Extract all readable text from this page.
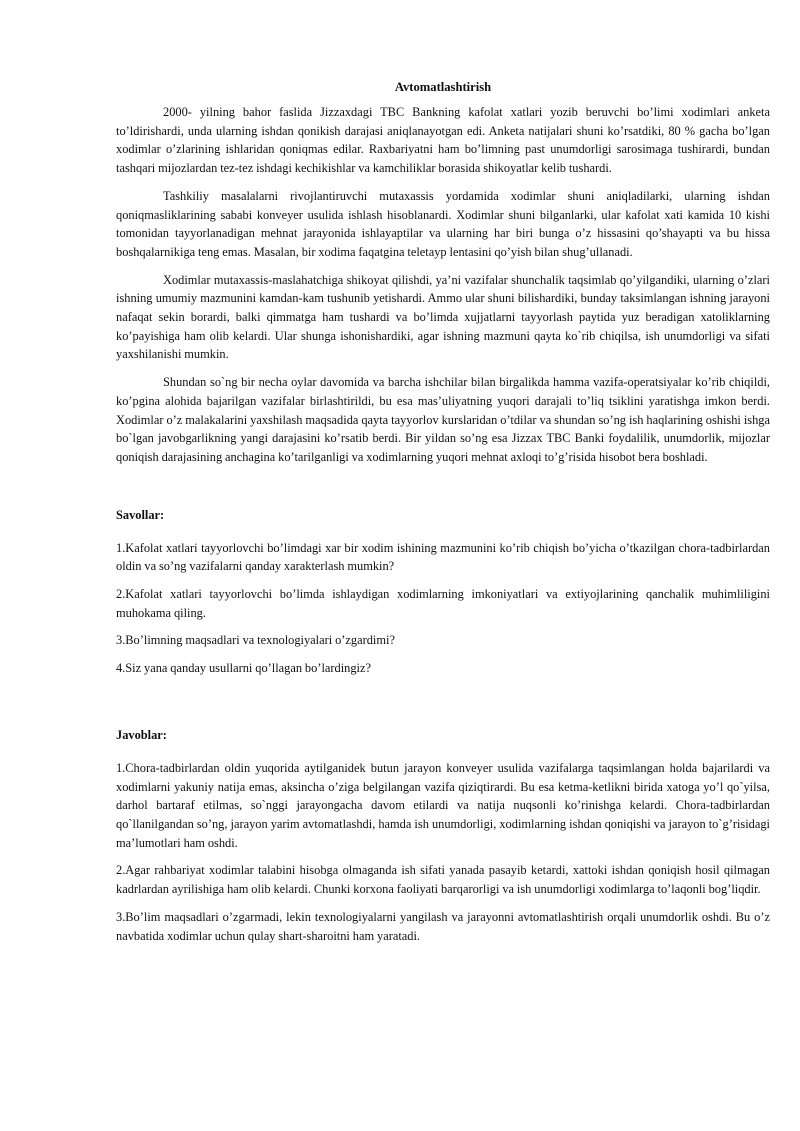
Avtomatlashtirish

2000- yilning bahor faslida Jizzaxdagi TBC Bankning kafolat xatlari yozib beruvchi bo’limi xodimlari anketa to’ldirishardi, unda ularning ishdan qonikish darajasi aniqlanayotgan edi. Anketa natijalari shuni ko’rsatdiki, 80 % gacha bo’lgan xodimlar o’zlarining ishlaridan qoniqmas edilar. Raxbariyatni ham bo’limning past unumdorligi sarosimaga tushirardi, bundan tashqari mijozlardan tez-tez ishdagi kechikishlar va kamchiliklar borasida shikoyatlar kelib tushardi.

Tashkiliy masalalarni rivojlantiruvchi mutaxassis yordamida xodimlar shuni aniqladilarki, ularning ishdan qoniqmasliklarining sababi konveyer usulida ishlash hisoblanardi. Xodimlar shuni bilganlarki, ular kafolat xati kamida 10 kishi tomonidan tayyorlanadigan mehnat jarayonida ishlayaptilar va ularning har biri bunga o’z hissasini qo’shayapti va bu hissa boshqalarnikiga teng emas. Masalan, bir xodima faqatgina teletayp lentasini qo’yish bilan shug’ullanadi.

Xodimlar mutaxassis-maslahatchiga shikoyat qilishdi, ya’ni vazifalar shunchalik taqsimlab qo’yilgandiki, ularning o’zlari ishning umumiy mazmunini kamdan-kam tushunib yetishardi. Ammo ular shuni bilishardiki, bunday taksimlangan ishning jarayoni nafaqat sekin borardi, balki qimmatga ham tushardi va bo’limda xujjatlarni tayyorlash paytida yuz beradigan xatoliklarning ko’payishiga ham olib kelardi. Ular shunga ishonishardiki, agar ishning mazmuni qayta ko`rib chiqilsa, ish unumdorligi va sifati yaxshilanishi mumkin.

Shundan so`ng bir necha oylar davomida va barcha ishchilar bilan birgalikda hamma vazifa-operatsiyalar ko’rib chiqildi, ko’pgina alohida bajarilgan vazifalar birlashtirildi, bu esa mas’uliyatning yuqori darajali to’liq tsiklini yaratishga imkon berdi. Xodimlar o’z malakalarini yaxshilash maqsadida qayta tayyorlov kurslaridan o’tdilar va shundan so’ng ish haqlarining oshishi ishga bo`lgan javobgarlikning yangi darajasini ko’rsatib berdi. Bir yildan so’ng esa Jizzax TBC Banki foydalilik, unumdorlik, mijozlar qoniqish darajasining anchagina ko’tarilganligi va xodimlarning yuqori mehnat axloqi to’g’risida hisobot bera boshladi.

Savollar:

1.Kafolat xatlari tayyorlovchi bo’limdagi xar bir xodim ishining mazmunini ko’rib chiqish bo’yicha o’tkazilgan chora-tadbirlardan oldin va so’ng vazifalarni qanday xarakterlash mumkin?

2.Kafolat xatlari tayyorlovchi bo’limda ishlaydigan xodimlarning imkoniyatlari va extiyojlarining qanchalik muhimliligini muhokama qiling.

3.Bo’limning maqsadlari va texnologiyalari o’zgardimi?

4.Siz yana qanday usullarni qo’llagan bo’lardingiz?

Javoblar:

1.Chora-tadbirlardan oldin yuqorida aytilganidek butun jarayon konveyer usulida vazifalarga taqsimlangan holda bajarilardi va xodimlarni yakuniy natija emas, aksincha o’ziga belgilangan vazifa qiziqtirardi. Bu esa ketma-ketlikni birida xatoga yo’l qo`yilsa, darhol bartaraf etilmas, so`nggi jarayongacha davom etilardi va natija nuqsonli ko’rinishga kelardi. Chora-tadbirlardan qo`llanilgandan so’ng, jarayon yarim avtomatlashdi, hamda ish unumdorligi, xodimlarning ishdan qoniqishi va jarayon to`g’risidagi ma’lumotlari ham oshdi.

2.Agar rahbariyat xodimlar talabini hisobga olmaganda ish sifati yanada pasayib ketardi, xattoki ishdan qoniqish hosil qilmagan kadrlardan ayrilishiga ham olib kelardi. Chunki korxona faoliyati barqarorligi va ish unumdorligi xodimlarga to’laqonli bog’liqdir.

3.Bo’lim maqsadlari o’zgarmadi, lekin texnologiyalarni yangilash va jarayonni avtomatlashtirish orqali unumdorlik oshdi. Bu o’z navbatida xodimlar uchun qulay shart-sharoitni ham yaratadi.
